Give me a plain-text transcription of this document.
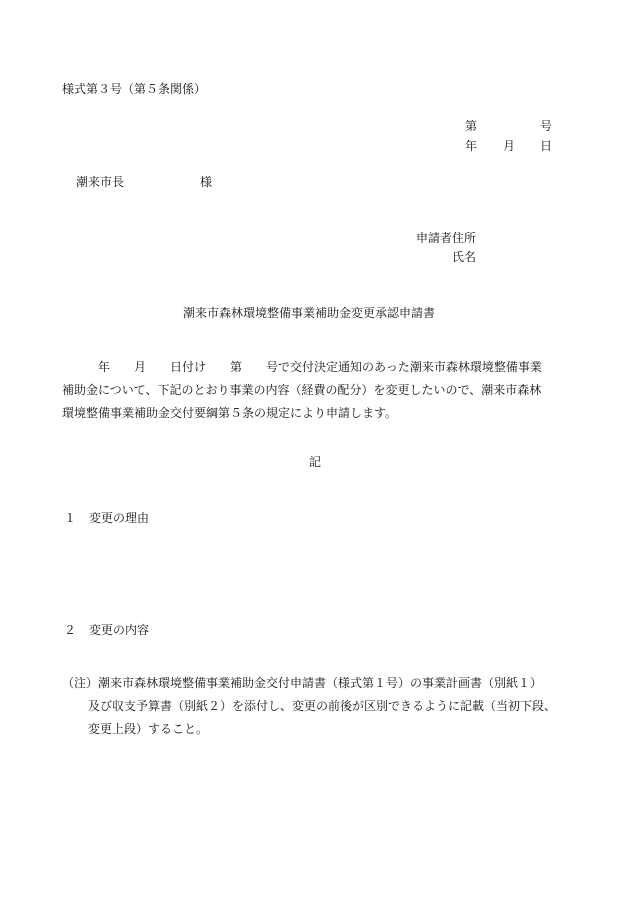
様式第３号（第５条関係）
第	号
年 月 日
潮来市長	様
申請者住所
氏名
潮来市森林環境整備事業補助金変更承認申請書
　　　年　　月　　日付け　　第　　号で交付決定通知のあった潮来市森林環境整備事業
補助金について、下記のとおり事業の内容（経費の配分）を変更したいので、潮来市森林
環境整備事業補助金交付要綱第５条の規定により申請します。
記
１ 変更の理由
２ 変更の内容
（注）潮来市森林環境整備事業補助金交付申請書（様式第１号）の事業計画書（別紙１）
及び収支予算書（別紙２）を添付し、変更の前後が区別できるように記載（当初下段、
変更上段）すること。
